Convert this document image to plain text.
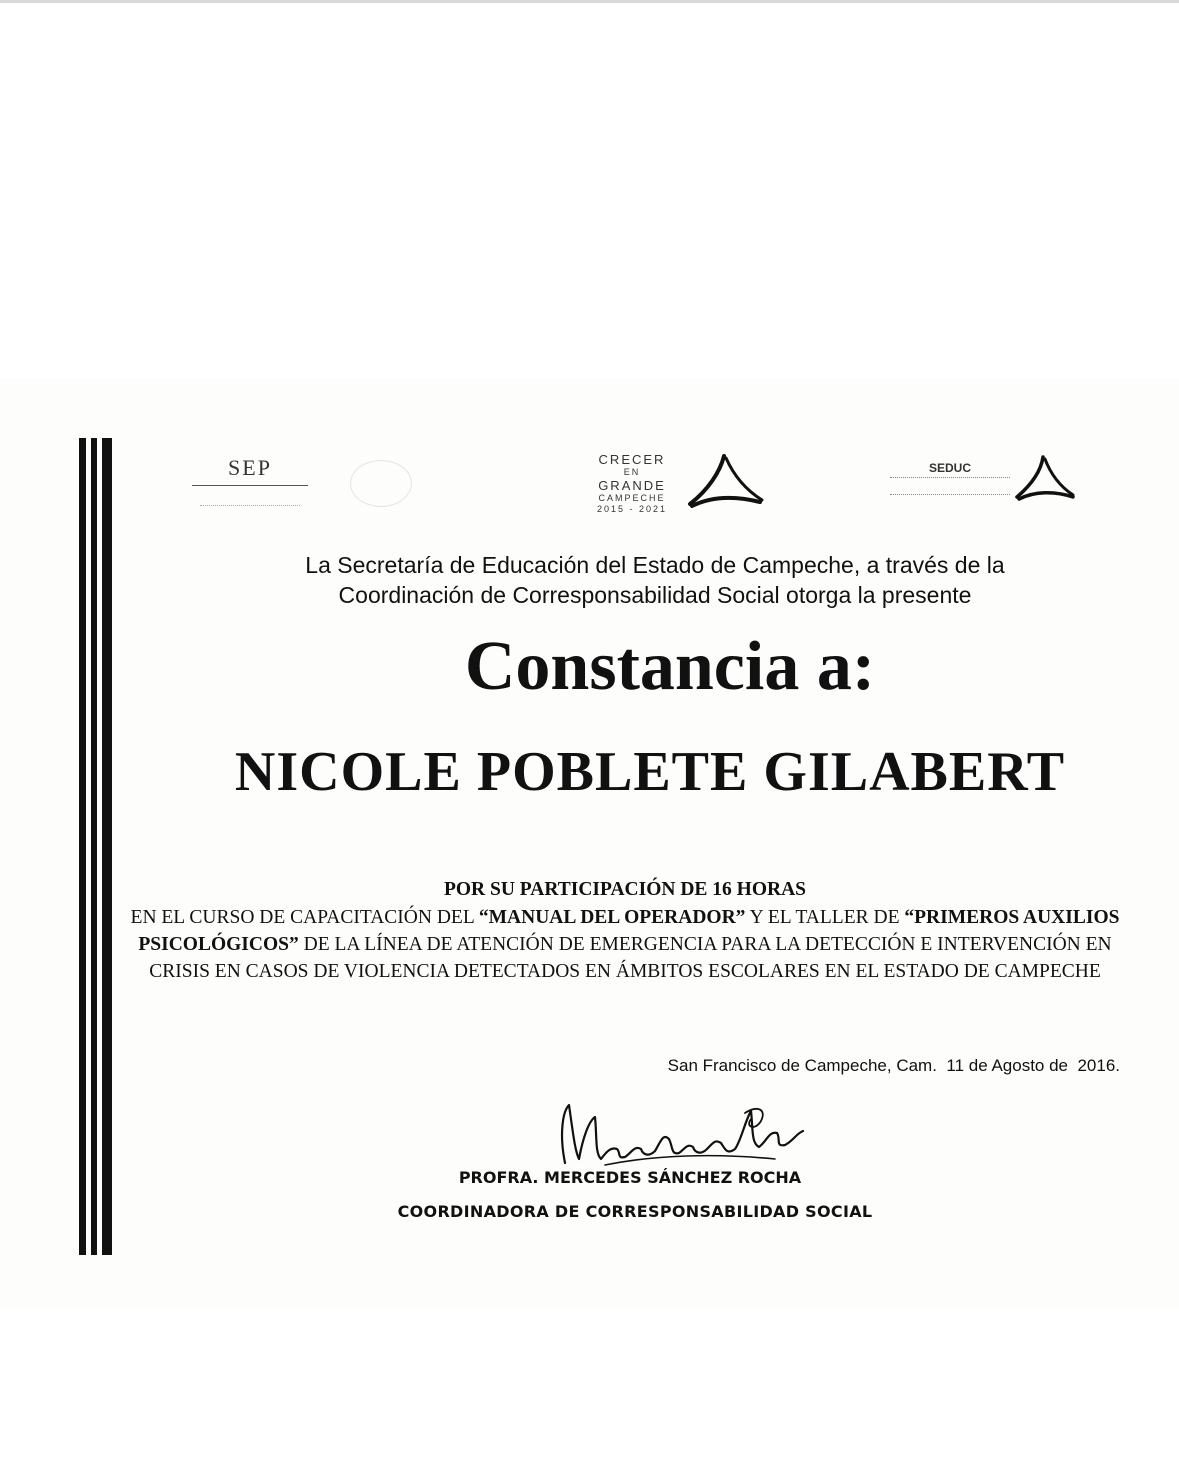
SEP	CRECER
EN
GRANDE
CAMPECHE
2015 - 2021
SEDUC
La Secretaría de Educación del Estado de Campeche, a través de la
Coordinación de Corresponsabilidad Social otorga la presente
Constancia a:
NICOLE POBLETE GILABERT
POR SU PARTICIPACIÓN DE 16 HORAS
EN EL CURSO DE CAPACITACIÓN DEL “MANUAL DEL OPERADOR” Y EL TALLER DE “PRIMEROS AUXILIOS PSICOLÓGICOS” DE LA LÍNEA DE ATENCIÓN DE EMERGENCIA PARA LA DETECCIÓN E INTERVENCIÓN EN CRISIS EN CASOS DE VIOLENCIA DETECTADOS EN ÁMBITOS ESCOLARES EN EL ESTADO DE CAMPECHE
San Francisco de Campeche, Cam.  11 de Agosto de  2016.
PROFRA. MERCEDES SÁNCHEZ ROCHA
COORDINADORA DE CORRESPONSABILIDAD SOCIAL
